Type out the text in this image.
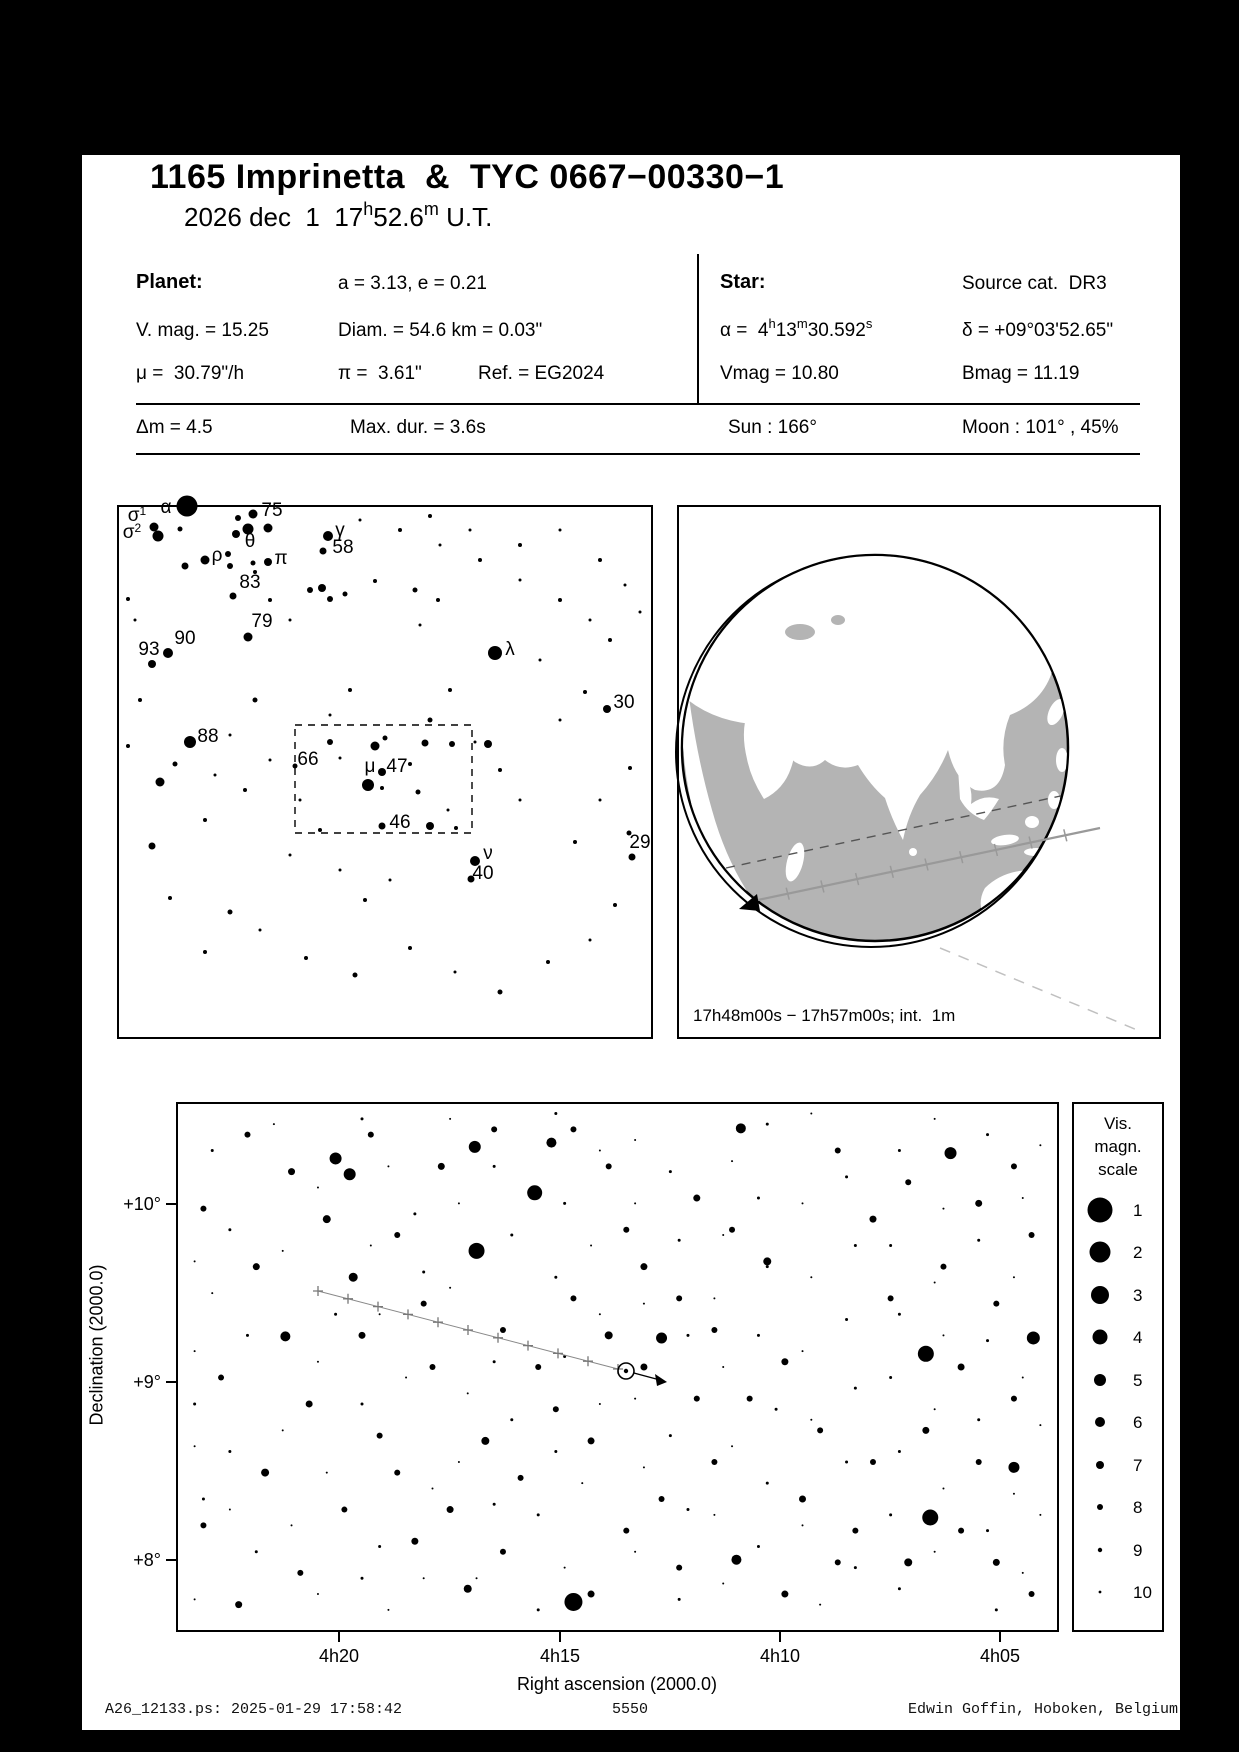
$\sigma^1$
$\sigma^2$
α	75
θ
γ
58
ρ	π
83
79
90
93	λ
30
88
66 μ 47
46
ν
40
29
4h20	4h15	4h10	4h05
+10°
+9°
+8°
1
2
3
4
5
6
7
8
9
10
1165 Imprinetta  &  TYC 0667−00330−1
2026 dec  1  17$^h$52.6$^m$ U.T.
Planet:	a = 3.13, e = 0.21	Star:	Source cat.  DR3
V. mag. = 15.25	Diam. = 54.6 km = 0.03"	α =  4$^h$13$^m$30.592$^s$	δ = +09°03'52.65"
μ =  30.79"/h	π =  3.61"	Ref. = EG2024	Vmag = 10.80	Bmag = 11.19
Δm = 4.5	Max. dur. = 3.6s	Sun : 166°	Moon : 101° , 45%
17h48m00s − 17h57m00s; int.  1m
Declination (2000.0)
Right ascension (2000.0)
Vis.
magn.
scale
A26_12133.ps: 2025-01-29 17:58:42	5550	Edwin Goffin, Hoboken, Belgium
